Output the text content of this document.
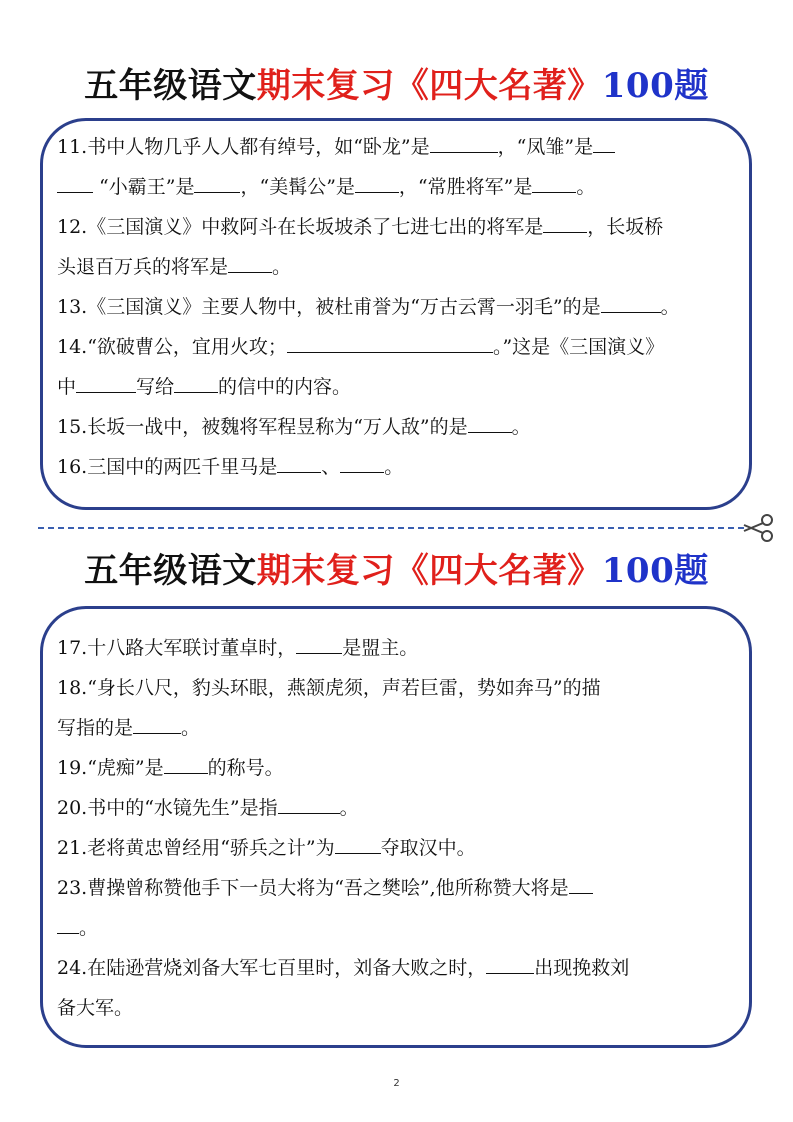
五年级语文期末复习《四大名著》100题
11.书中人物几乎人人都有绰号，如“卧龙”是	，“凤雏”是
“小霸王”是 ，“美髯公”是 ，“常胜将军”是 。
12.《三国演义》中救阿斗在长坂坡杀了七进七出的将军是 ，长坂桥
头退百万兵的将军是 。
13.《三国演义》主要人物中，被杜甫誉为“万古云霄一羽毛”的是	。
14.“欲破曹公，宜用火攻；	。”这是《三国演义》
中	写给 的信中的内容。
15.长坂一战中，被魏将军程昱称为“万人敌”的是 。
16.三国中的两匹千里马是 、 。
五年级语文期末复习《四大名著》100题
17.十八路大军联讨董卓时， 是盟主。
18.“身长八尺，豹头环眼，燕颔虎须，声若巨雷，势如奔马”的描
写指的是	。
19.“虎痴”是 的称号。
20.书中的“水镜先生”是指	。
21.老将黄忠曾经用“骄兵之计”为 夺取汉中。
23.曹操曾称赞他手下一员大将为“吾之樊哙”,他所称赞大将是
。
24.在陆逊营烧刘备大军七百里时，刘备大败之时，	出现挽救刘
备大军。
2
